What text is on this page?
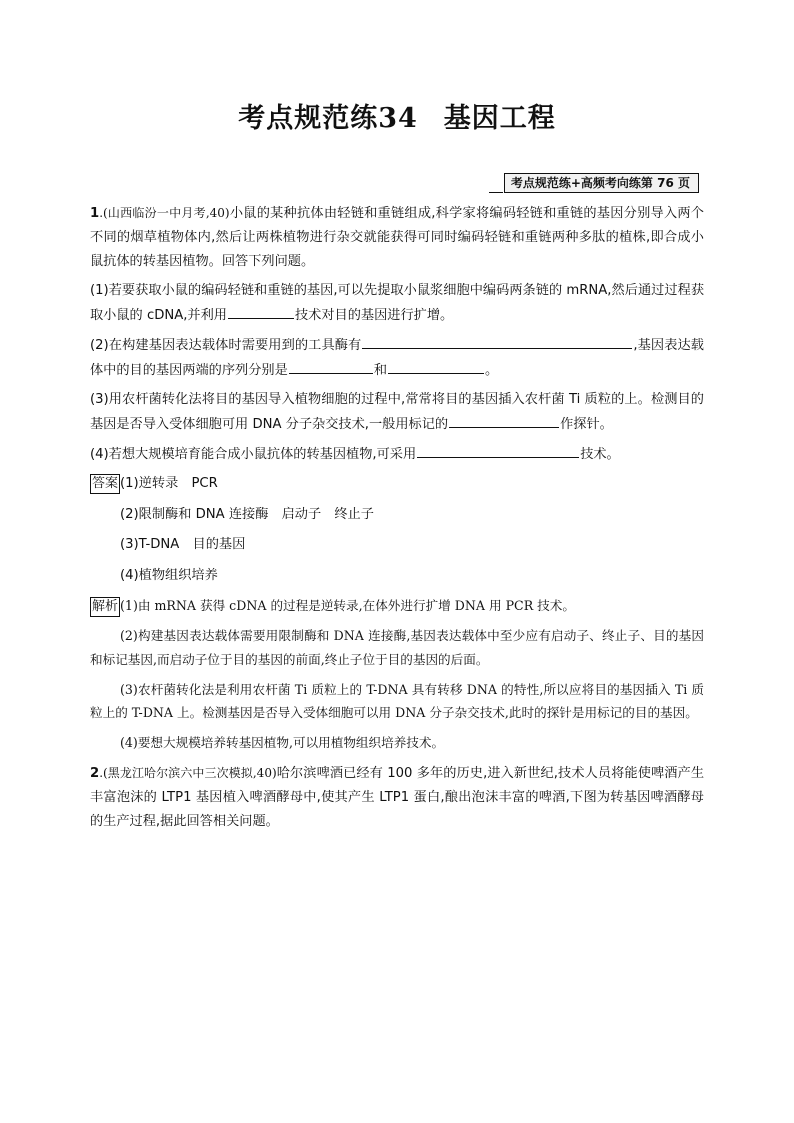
考点规范练34 基因工程
考点规范练+高频考向练第 76 页
1.(山西临汾一中月考,40)小鼠的某种抗体由轻链和重链组成,科学家将编码轻链和重链的基因分别导入两个不同的烟草植物体内,然后让两株植物进行杂交就能获得可同时编码轻链和重链两种多肽的植株,即合成小鼠抗体的转基因植物。回答下列问题。
(1)若要获取小鼠的编码轻链和重链的基因,可以先提取小鼠浆细胞中编码两条链的 mRNA,然后通过过程获取小鼠的 cDNA,并利用	技术对目的基因进行扩增。
(2)在构建基因表达载体时需要用到的工具酶有	,基因表达载体中的目的基因两端的序列分别是	和	。
(3)用农杆菌转化法将目的基因导入植物细胞的过程中,常常将目的基因插入农杆菌 Ti 质粒的上。检测目的基因是否导入受体细胞可用 DNA 分子杂交技术,一般用标记的	作探针。
(4)若想大规模培育能合成小鼠抗体的转基因植物,可采用	技术。
答案 (1)逆转录　PCR
(2)限制酶和 DNA 连接酶　启动子　终止子
(3)T-DNA　目的基因
(4)植物组织培养
解析 (1)由 mRNA 获得 cDNA 的过程是逆转录,在体外进行扩增 DNA 用 PCR 技术。
(2)构建基因表达载体需要用限制酶和 DNA 连接酶,基因表达载体中至少应有启动子、终止子、目的基因和标记基因,而启动子位于目的基因的前面,终止子位于目的基因的后面。
(3)农杆菌转化法是利用农杆菌 Ti 质粒上的 T-DNA 具有转移 DNA 的特性,所以应将目的基因插入 Ti 质粒上的 T-DNA 上。检测基因是否导入受体细胞可以用 DNA 分子杂交技术,此时的探针是用标记的目的基因。
(4)要想大规模培养转基因植物,可以用植物组织培养技术。
2.(黑龙江哈尔滨六中三次模拟,40)哈尔滨啤酒已经有 100 多年的历史,进入新世纪,技术人员将能使啤酒产生丰富泡沫的 LTP1 基因植入啤酒酵母中,使其产生 LTP1 蛋白,酿出泡沫丰富的啤酒,下图为转基因啤酒酵母的生产过程,据此回答相关问题。
